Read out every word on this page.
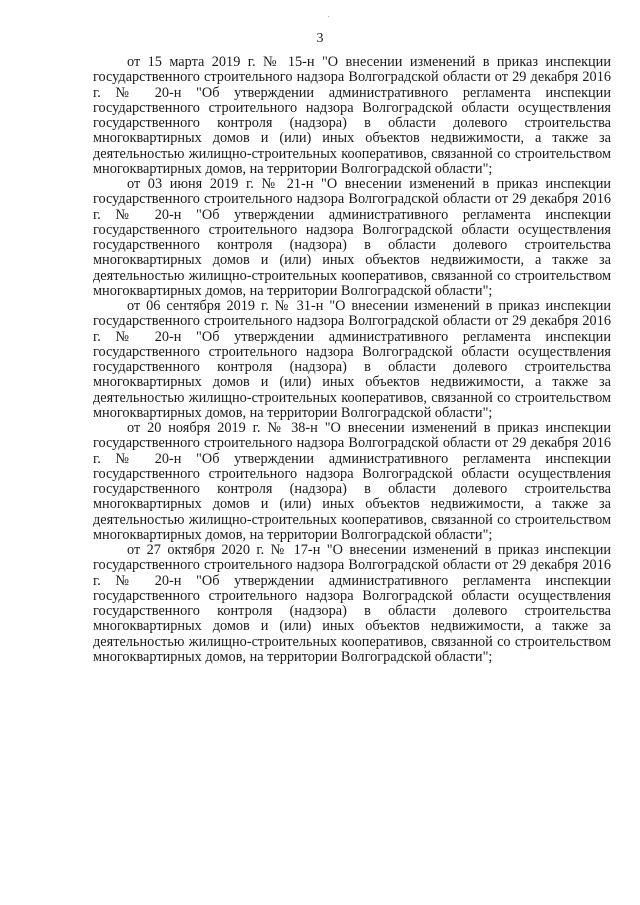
3

от 15 марта 2019 г. № 15-н "О внесении изменений в приказ инспекции государственного строительного надзора Волгоградской области от 29 декабря 2016 г. № 20-н "Об утверждении административного регламента инспекции государственного строительного надзора Волгоградской области осуществления государственного контроля (надзора) в области долевого строительства многоквартирных домов и (или) иных объектов недвижимости, а также за деятельностью жилищно-строительных кооперативов, связанной со строительством многоквартирных домов, на территории Волгоградской области";

от 03 июня 2019 г. № 21-н "О внесении изменений в приказ инспекции государственного строительного надзора Волгоградской области от 29 декабря 2016 г. № 20-н "Об утверждении административного регламента инспекции государственного строительного надзора Волгоградской области осуществления государственного контроля (надзора) в области долевого строительства многоквартирных домов и (или) иных объектов недвижимости, а также за деятельностью жилищно-строительных кооперативов, связанной со строительством многоквартирных домов, на территории Волгоградской области";

от 06 сентября 2019 г. № 31-н "О внесении изменений в приказ инспекции государственного строительного надзора Волгоградской области от 29 декабря 2016 г. № 20-н "Об утверждении административного регламента инспекции государственного строительного надзора Волгоградской области осуществления государственного контроля (надзора) в области долевого строительства многоквартирных домов и (или) иных объектов недвижимости, а также за деятельностью жилищно-строительных кооперативов, связанной со строительством многоквартирных домов, на территории Волгоградской области";

от 20 ноября 2019 г. № 38-н "О внесении изменений в приказ инспекции государственного строительного надзора Волгоградской области от 29 декабря 2016 г. № 20-н "Об утверждении административного регламента инспекции государственного строительного надзора Волгоградской области осуществления государственного контроля (надзора) в области долевого строительства многоквартирных домов и (или) иных объектов недвижимости, а также за деятельностью жилищно-строительных кооперативов, связанной со строительством многоквартирных домов, на территории Волгоградской области";

от 27 октября 2020 г. № 17-н "О внесении изменений в приказ инспекции государственного строительного надзора Волгоградской области от 29 декабря 2016 г. № 20-н "Об утверждении административного регламента инспекции государственного строительного надзора Волгоградской области осуществления государственного контроля (надзора) в области долевого строительства многоквартирных домов и (или) иных объектов недвижимости, а также за деятельностью жилищно-строительных кооперативов, связанной со строительством многоквартирных домов, на территории Волгоградской области";
